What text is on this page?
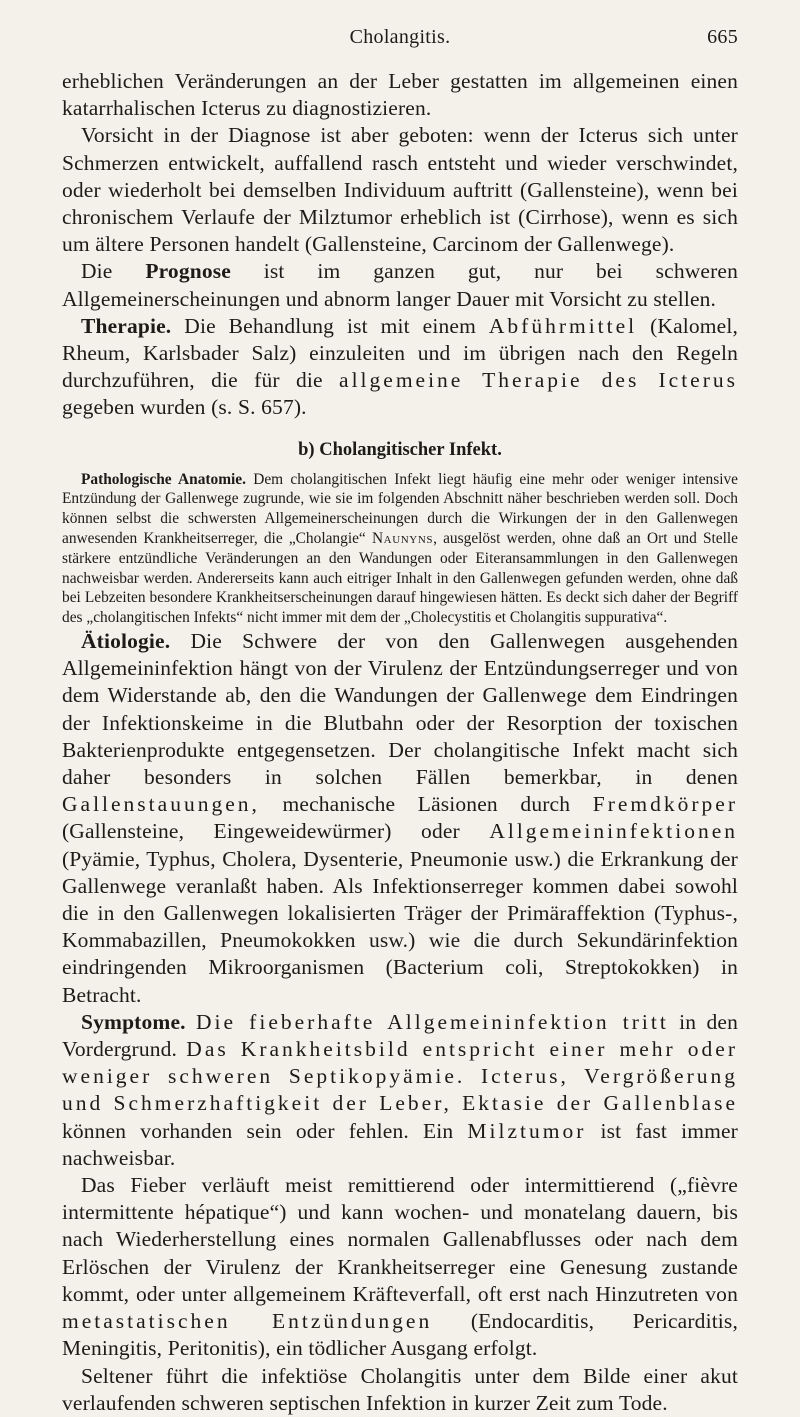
Cholangitis.	665

erheblichen Veränderungen an der Leber gestatten im allgemeinen einen katarrhalischen Icterus zu diagnostizieren.

Vorsicht in der Diagnose ist aber geboten: wenn der Icterus sich unter Schmerzen entwickelt, auffallend rasch entsteht und wieder verschwindet, oder wiederholt bei demselben Individuum auftritt (Gallensteine), wenn bei chronischem Verlaufe der Milztumor erheblich ist (Cirrhose), wenn es sich um ältere Personen handelt (Gallensteine, Carcinom der Gallenwege).

Die Prognose ist im ganzen gut, nur bei schweren Allgemeinerscheinungen und abnorm langer Dauer mit Vorsicht zu stellen.

Therapie. Die Behandlung ist mit einem Abführmittel (Kalomel, Rheum, Karlsbader Salz) einzuleiten und im übrigen nach den Regeln durchzuführen, die für die allgemeine Therapie des Icterus gegeben wurden (s. S. 657).

b) Cholangitischer Infekt.

Pathologische Anatomie. Dem cholangitischen Infekt liegt häufig eine mehr oder weniger intensive Entzündung der Gallenwege zugrunde, wie sie im folgenden Abschnitt näher beschrieben werden soll. Doch können selbst die schwersten Allgemeinerscheinungen durch die Wirkungen der in den Gallenwegen anwesenden Krankheitserreger, die „Cholangie“ Naunyns, ausgelöst werden, ohne daß an Ort und Stelle stärkere entzündliche Veränderungen an den Wandungen oder Eiteransammlungen in den Gallenwegen nachweisbar werden. Andererseits kann auch eitriger Inhalt in den Gallenwegen gefunden werden, ohne daß bei Lebzeiten besondere Krankheitserscheinungen darauf hingewiesen hätten. Es deckt sich daher der Begriff des „cholangitischen Infekts“ nicht immer mit dem der „Cholecystitis et Cholangitis suppurativa“.

Ätiologie. Die Schwere der von den Gallenwegen ausgehenden Allgemeininfektion hängt von der Virulenz der Entzündungserreger und von dem Widerstande ab, den die Wandungen der Gallenwege dem Eindringen der Infektionskeime in die Blutbahn oder der Resorption der toxischen Bakterienprodukte entgegensetzen. Der cholangitische Infekt macht sich daher besonders in solchen Fällen bemerkbar, in denen Gallenstauungen, mechanische Läsionen durch Fremdkörper (Gallensteine, Eingeweidewürmer) oder Allgemeininfektionen (Pyämie, Typhus, Cholera, Dysenterie, Pneumonie usw.) die Erkrankung der Gallenwege veranlaßt haben. Als Infektionserreger kommen dabei sowohl die in den Gallenwegen lokalisierten Träger der Primäraffektion (Typhus-, Kommabazillen, Pneumokokken usw.) wie die durch Sekundärinfektion eindringenden Mikroorganismen (Bacterium coli, Streptokokken) in Betracht.

Symptome. Die fieberhafte Allgemeininfektion tritt in den Vordergrund. Das Krankheitsbild entspricht einer mehr oder weniger schweren Septikopyämie. Icterus, Vergrößerung und Schmerzhaftigkeit der Leber, Ektasie der Gallenblase können vorhanden sein oder fehlen. Ein Milztumor ist fast immer nachweisbar.

Das Fieber verläuft meist remittierend oder intermittierend („fièvre intermittente hépatique“) und kann wochen- und monatelang dauern, bis nach Wiederherstellung eines normalen Gallenabflusses oder nach dem Erlöschen der Virulenz der Krankheitserreger eine Genesung zustande kommt, oder unter allgemeinem Kräfteverfall, oft erst nach Hinzutreten von metastatischen Entzündungen (Endocarditis, Pericarditis, Meningitis, Peritonitis), ein tödlicher Ausgang erfolgt.

Seltener führt die infektiöse Cholangitis unter dem Bilde einer akut verlaufenden schweren septischen Infektion in kurzer Zeit zum Tode.
